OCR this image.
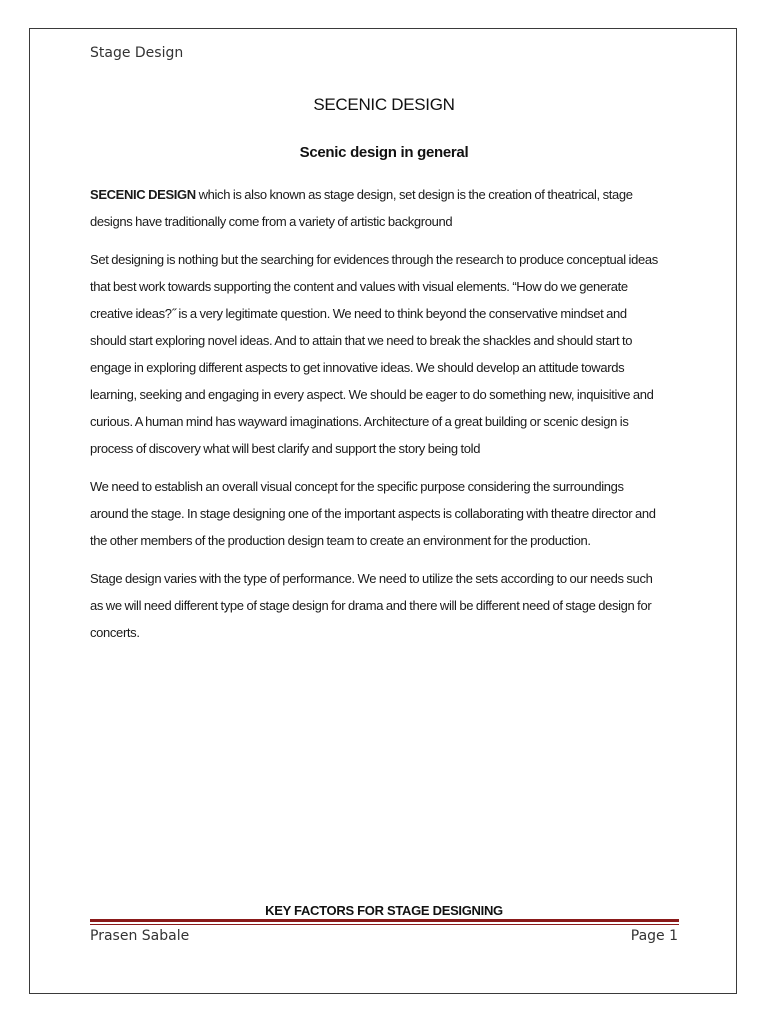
Stage Design
SECENIC DESIGN
Scenic design in general

SECENIC DESIGN which is also known as stage design, set design is the creation of theatrical, stage
designs have traditionally come from a variety of artistic background

Set designing is nothing but the searching for evidences through the research to produce conceptual ideas
that best work towards supporting the content and values with visual elements. “How do we generate
creative ideas?˝ is a very legitimate question. We need to think beyond the conservative mindset and
should start exploring novel ideas. And to attain that we need to break the shackles and should start to
engage in exploring different aspects to get innovative ideas. We should develop an attitude towards
learning, seeking and engaging in every aspect. We should be eager to do something new, inquisitive and
curious. A human mind has wayward imaginations. Architecture of a great building or scenic design is
process of discovery what will best clarify and support the story being told

We need to establish an overall visual concept for the specific purpose considering the surroundings
around the stage. In stage designing one of the important aspects is collaborating with theatre director and
the other members of the production design team to create an environment for the production.

Stage design varies with the type of performance. We need to utilize the sets according to our needs such
as we will need different type of stage design for drama and there will be different need of stage design for
concerts.

KEY FACTORS FOR STAGE DESIGNING
Prasen Sabale	Page 1
